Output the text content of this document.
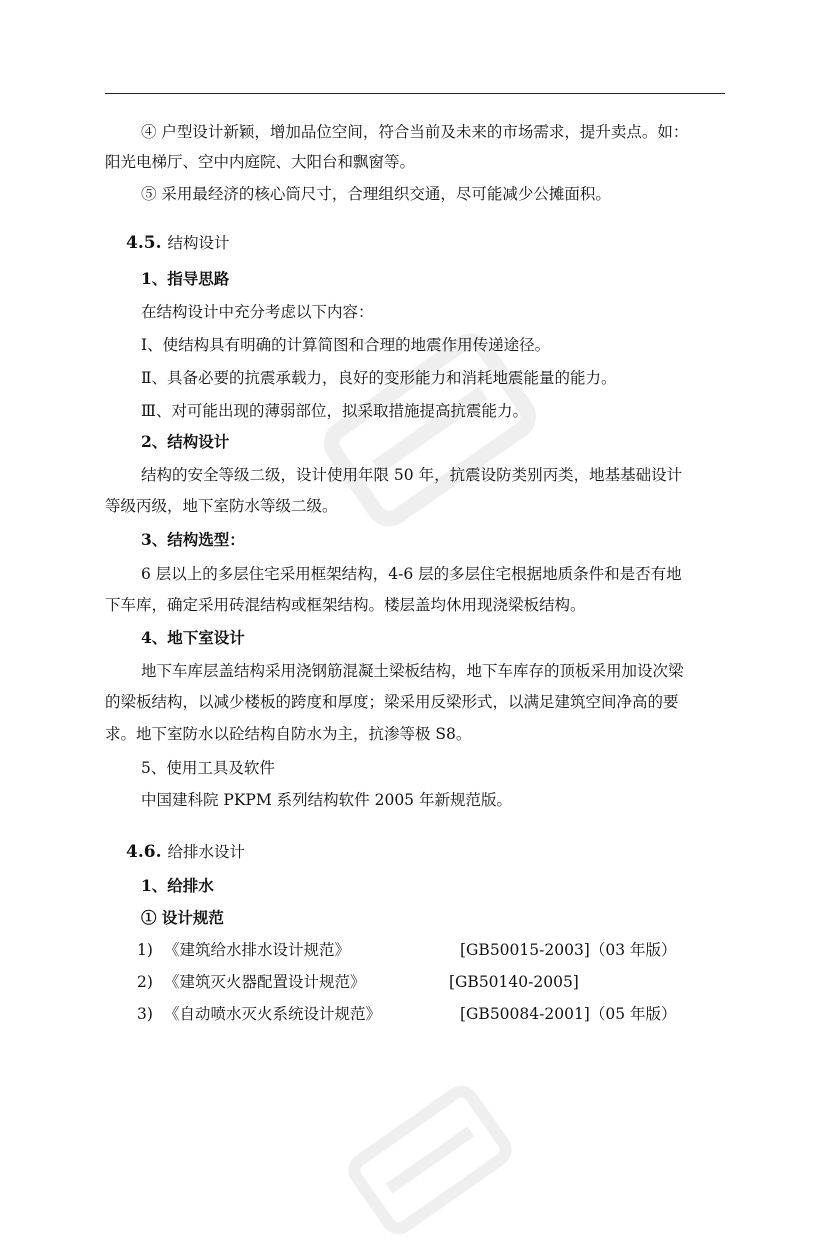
④ 户型设计新颖，增加品位空间，符合当前及未来的市场需求，提升卖点。如：
阳光电梯厅、空中内庭院、大阳台和飘窗等。
⑤ 采用最经济的核心筒尺寸，合理组织交通，尽可能减少公摊面积。
4.5. 结构设计
1、指导思路
在结构设计中充分考虑以下内容：
Ⅰ、使结构具有明确的计算简图和合理的地震作用传递途径。
Ⅱ、具备必要的抗震承载力，良好的变形能力和消耗地震能量的能力。
Ⅲ、对可能出现的薄弱部位，拟采取措施提高抗震能力。
2、结构设计
结构的安全等级二级，设计使用年限 50 年，抗震设防类别丙类，地基基础设计
等级丙级，地下室防水等级二级。
3、结构选型：
6 层以上的多层住宅采用框架结构，4-6 层的多层住宅根据地质条件和是否有地
下车库，确定采用砖混结构或框架结构。楼层盖均休用现浇梁板结构。
4、地下室设计
地下车库层盖结构采用浇钢筋混凝土梁板结构，地下车库存的顶板采用加设次梁
的梁板结构，以减少楼板的跨度和厚度；梁采用反梁形式，以满足建筑空间净高的要
求。地下室防水以砼结构自防水为主，抗渗等极 S8。
5、使用工具及软件
中国建科院 PKPM 系列结构软件 2005 年新规范版。
4.6. 给排水设计
1、给排水
① 设计规范
1) 《建筑给水排水设计规范》	[GB50015-2003]（03 年版）
2) 《建筑灭火器配置设计规范》	[GB50140-2005]
3) 《自动喷水灭火系统设计规范》	[GB50084-2001]（05 年版）
